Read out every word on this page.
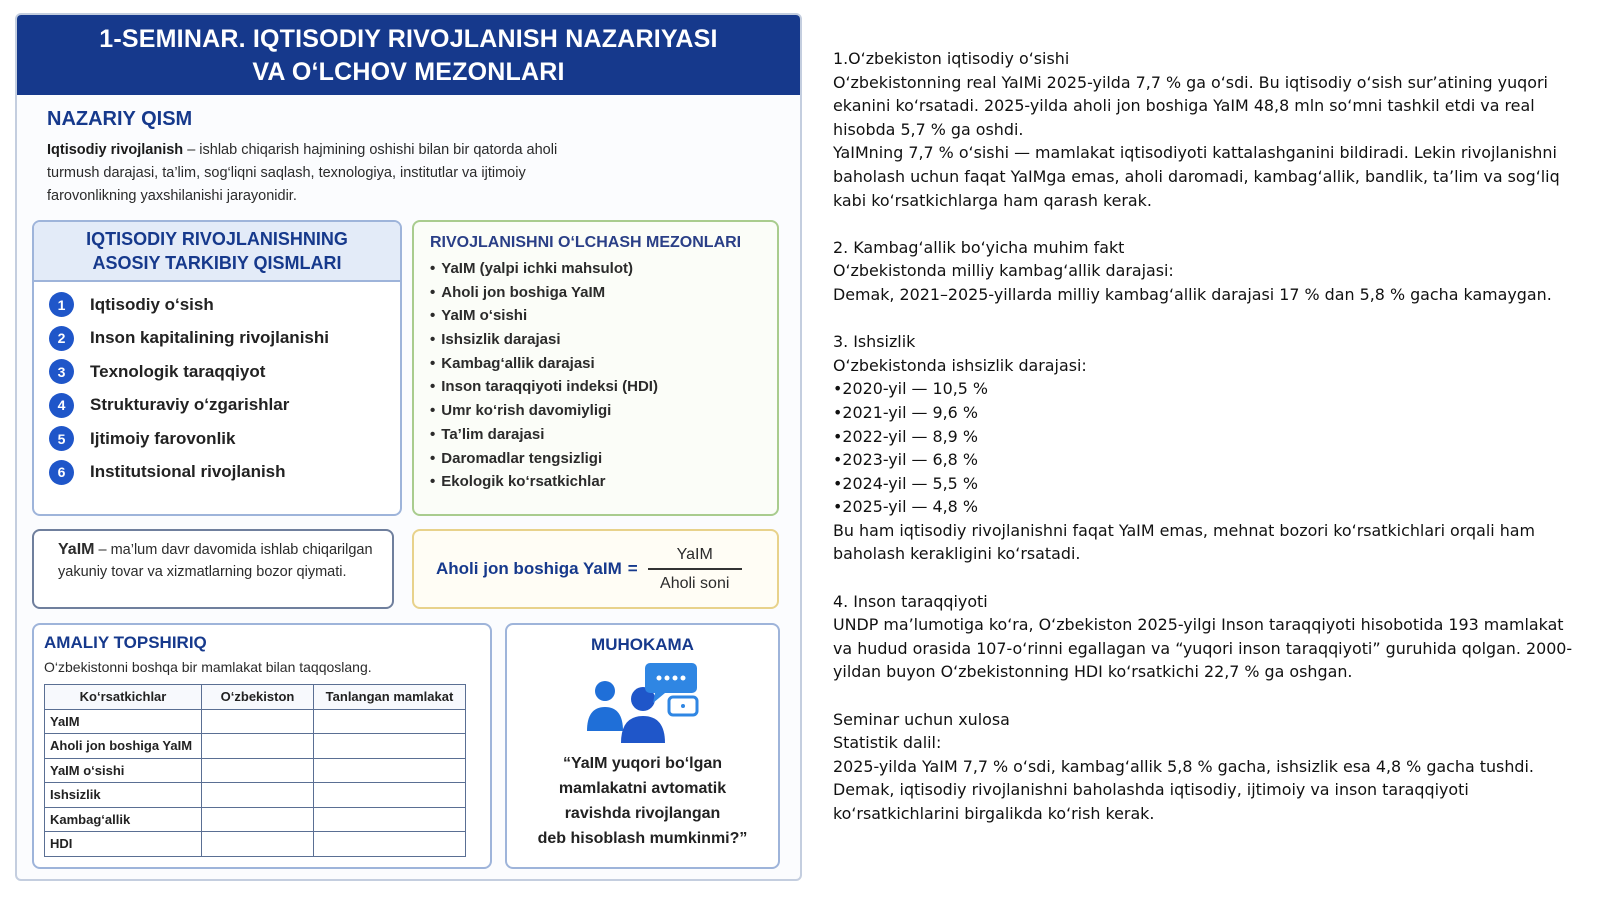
1-SEMINAR. IQTISODIY RIVOJLANISH NAZARIYASI
VA O‘LCHOV MEZONLARI
NAZARIY QISM
Iqtisodiy rivojlanish – ishlab chiqarish hajmining oshishi bilan bir qatorda aholi turmush darajasi, ta’lim, sog‘liqni saqlash, texnologiya, institutlar va ijtimoiy farovonlikning yaxshilanishi jarayonidir.
IQTISODIY RIVOJLANISHNING
ASOSIY TARKIBIY QISMLARI
1	Iqtisodiy o‘sish
2	Inson kapitalining rivojlanishi
3	Texnologik taraqqiyot
4	Strukturaviy o‘zgarishlar
5	Ijtimoiy farovonlik
6	Institutsional rivojlanish
RIVOJLANISHNI O‘LCHASH MEZONLARI
• YaIM (yalpi ichki mahsulot)
• Aholi jon boshiga YaIM
• YaIM o‘sishi
• Ishsizlik darajasi
• Kambag‘allik darajasi
• Inson taraqqiyoti indeksi (HDI)
• Umr ko‘rish davomiyligi
• Ta’lim darajasi
• Daromadlar tengsizligi
• Ekologik ko‘rsatkichlar
YaIM – ma’lum davr davomida ishlab chiqarilgan yakuniy tovar va xizmatlarning bozor qiymati.	Aholi jon boshiga YaIM = $\frac{\text{YaIM}}{\text{Aholi soni}}$
AMALIY TOPSHIRIQ
O‘zbekistonni boshqa bir mamlakat bilan taqqoslang.
Ko‘rsatkichlar	O‘zbekiston	Tanlangan mamlakat
YaIM		
Aholi jon boshiga YaIM		
YaIM o‘sishi		
Ishsizlik		
Kambag‘allik		
HDI		
MUHOKAMA
“YaIM yuqori bo‘lgan
mamlakatni avtomatik
ravishda rivojlangan
deb hisoblash mumkinmi?”

1.O‘zbekiston iqtisodiy o‘sishi

O‘zbekistonning real YaIMi 2025-yilda 7,7 % ga o‘sdi. Bu iqtisodiy o‘sish sur’atining yuqori

ekanini ko‘rsatadi. 2025-yilda aholi jon boshiga YaIM 48,8 mln so‘mni tashkil etdi va real

hisobda 5,7 % ga oshdi.

YaIMning 7,7 % o‘sishi — mamlakat iqtisodiyoti kattalashganini bildiradi. Lekin rivojlanishni

baholash uchun faqat YaIMga emas, aholi daromadi, kambag‘allik, bandlik, ta’lim va sog‘liq

kabi ko‘rsatkichlarga ham qarash kerak.

2. Kambag‘allik bo‘yicha muhim fakt

O‘zbekistonda milliy kambag‘allik darajasi:

Demak, 2021–2025-yillarda milliy kambag‘allik darajasi 17 % dan 5,8 % gacha kamaygan.

3. Ishsizlik

O‘zbekistonda ishsizlik darajasi:

•2020-yil — 10,5 %

•2021-yil — 9,6 %

•2022-yil — 8,9 %

•2023-yil — 6,8 %

•2024-yil — 5,5 %

•2025-yil — 4,8 %

Bu ham iqtisodiy rivojlanishni faqat YaIM emas, mehnat bozori ko‘rsatkichlari orqali ham

baholash kerakligini ko‘rsatadi.

4. Inson taraqqiyoti

UNDP ma’lumotiga ko‘ra, O‘zbekiston 2025-yilgi Inson taraqqiyoti hisobotida 193 mamlakat

va hudud orasida 107-o‘rinni egallagan va “yuqori inson taraqqiyoti” guruhida qolgan. 2000-

yildan buyon O‘zbekistonning HDI ko‘rsatkichi 22,7 % ga oshgan.

Seminar uchun xulosa

Statistik dalil:

2025-yilda YaIM 7,7 % o‘sdi, kambag‘allik 5,8 % gacha, ishsizlik esa 4,8 % gacha tushdi.

Demak, iqtisodiy rivojlanishni baholashda iqtisodiy, ijtimoiy va inson taraqqiyoti

ko‘rsatkichlarini birgalikda ko‘rish kerak.
